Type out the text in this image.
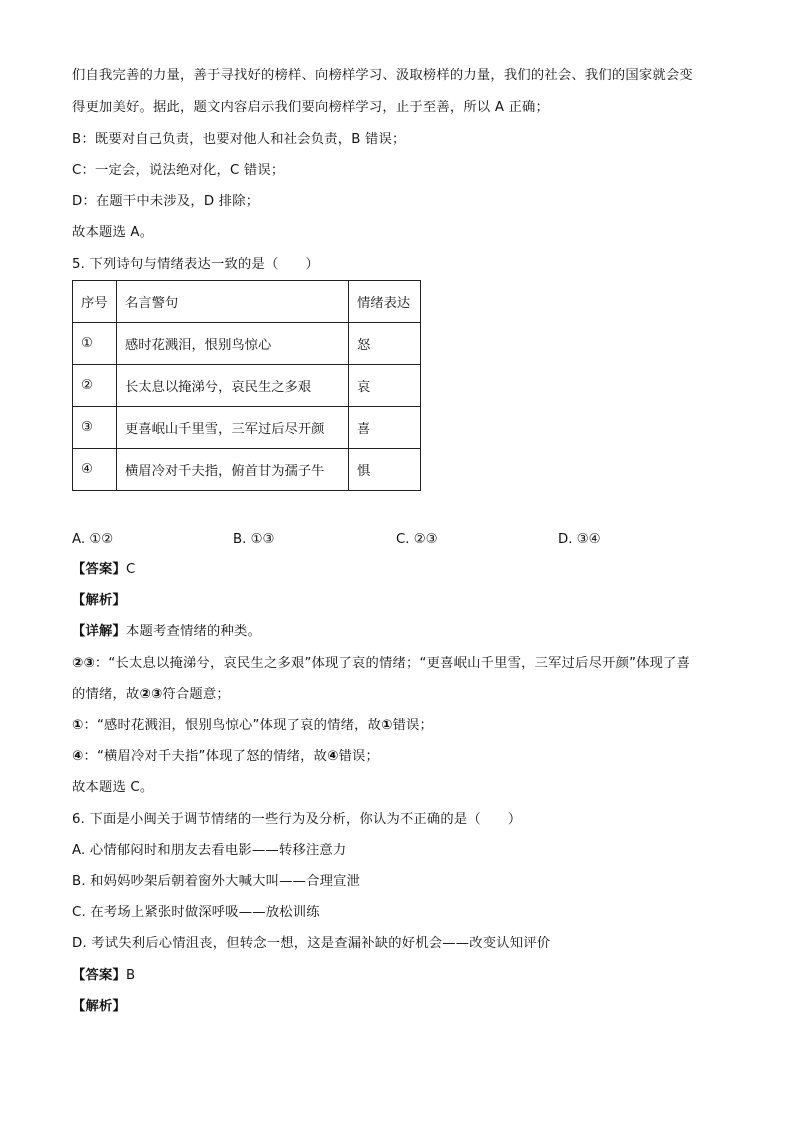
们自我完善的力量，善于寻找好的榜样、向榜样学习、汲取榜样的力量，我们的社会、我们的国家就会变
得更加美好。据此，题文内容启示我们要向榜样学习，止于至善，所以 A 正确；
B：既要对自己负责，也要对他人和社会负责，B 错误；
C：一定会，说法绝对化，C 错误；
D：在题干中未涉及，D 排除；
故本题选 A。
5. 下列诗句与情绪表达一致的是（　　）
序号	名言警句	情绪表达
①	感时花溅泪，恨别鸟惊心	怒
②	长太息以掩涕兮，哀民生之多艰	哀
③	更喜岷山千里雪，三军过后尽开颜	喜
④	横眉冷对千夫指，俯首甘为孺子牛	惧
A. ①②	B. ①③	C. ②③	D. ③④
【答案】C
【解析】
【详解】本题考查情绪的种类。
②③：“长太息以掩涕兮，哀民生之多艰”体现了哀的情绪；“更喜岷山千里雪，三军过后尽开颜”体现了喜
的情绪，故②③符合题意；
①：“感时花溅泪，恨别鸟惊心”体现了哀的情绪，故①错误；
④：“横眉冷对千夫指”体现了怒的情绪，故④错误；
故本题选 C。
6. 下面是小闽关于调节情绪的一些行为及分析，你认为不正确的是（　　）
A. 心情郁闷时和朋友去看电影——转移注意力
B. 和妈妈吵架后朝着窗外大喊大叫——合理宣泄
C. 在考场上紧张时做深呼吸——放松训练
D. 考试失利后心情沮丧，但转念一想，这是查漏补缺的好机会——改变认知评价
【答案】B
【解析】
